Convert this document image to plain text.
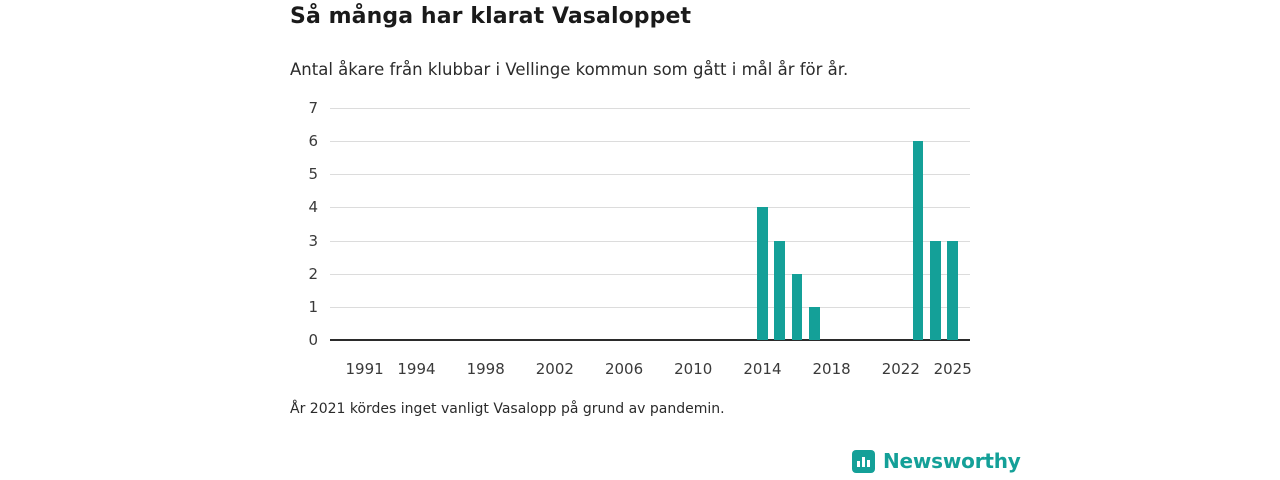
Så många har klarat Vasaloppet
Antal åkare från klubbar i Vellinge kommun som gått i mål år för år.
0
1
2
3
4
5
6
7
1991 1994 1998 2002 2006 2010 2014 2018 2022 2025
År 2021 kördes inget vanligt Vasalopp på grund av pandemin.
Newsworthy
